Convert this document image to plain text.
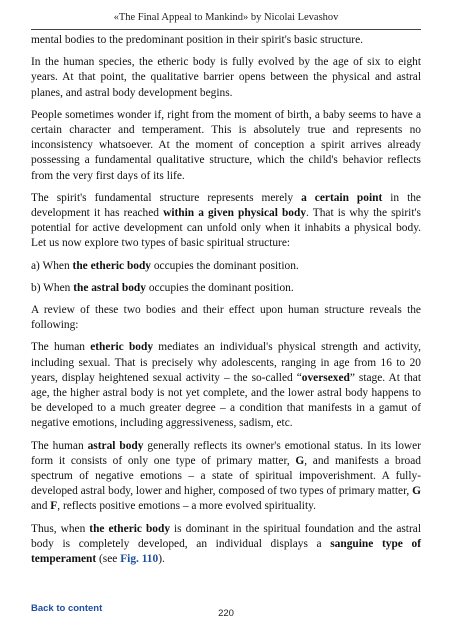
«The Final Appeal to Mankind» by Nicolai Levashov

mental bodies to the predominant position in their spirit's basic structure.

In the human species, the etheric body is fully evolved by the age of six to eight years. At that point, the qualitative barrier opens between the physical and astral planes, and astral body development begins.

People sometimes wonder if, right from the moment of birth, a baby seems to have a certain character and temperament. This is absolutely true and represents no inconsistency whatsoever. At the moment of conception a spirit arrives already possessing a fundamental qualitative structure, which the child's behavior reflects from the very first days of its life.

The spirit's fundamental structure represents merely a certain point in the development it has reached within a given physical body. That is why the spirit's potential for active development can unfold only when it inhabits a physical body. Let us now explore two types of basic spiritual structure:

a) When the etheric body occupies the dominant position.

b) When the astral body occupies the dominant position.

A review of these two bodies and their effect upon human structure reveals the following:

The human etheric body mediates an individual's physical strength and activity, including sexual. That is precisely why adolescents, ranging in age from 16 to 20 years, display heightened sexual activity – the so-called “oversexed” stage. At that age, the higher astral body is not yet complete, and the lower astral body happens to be developed to a much greater degree – a condition that manifests in a gamut of negative emotions, including aggressiveness, sadism, etc.

The human astral body generally reflects its owner's emotional status. In its lower form it consists of only one type of primary matter, G, and manifests a broad spectrum of negative emotions – a state of spiritual impoverishment. A fully-developed astral body, lower and higher, composed of two types of primary matter, G and F, reflects positive emotions – a more evolved spirituality.

Thus, when the etheric body is dominant in the spiritual foundation and the astral body is completely developed, an individual displays a sanguine type of temperament (see Fig. 110).

Back to content	220
